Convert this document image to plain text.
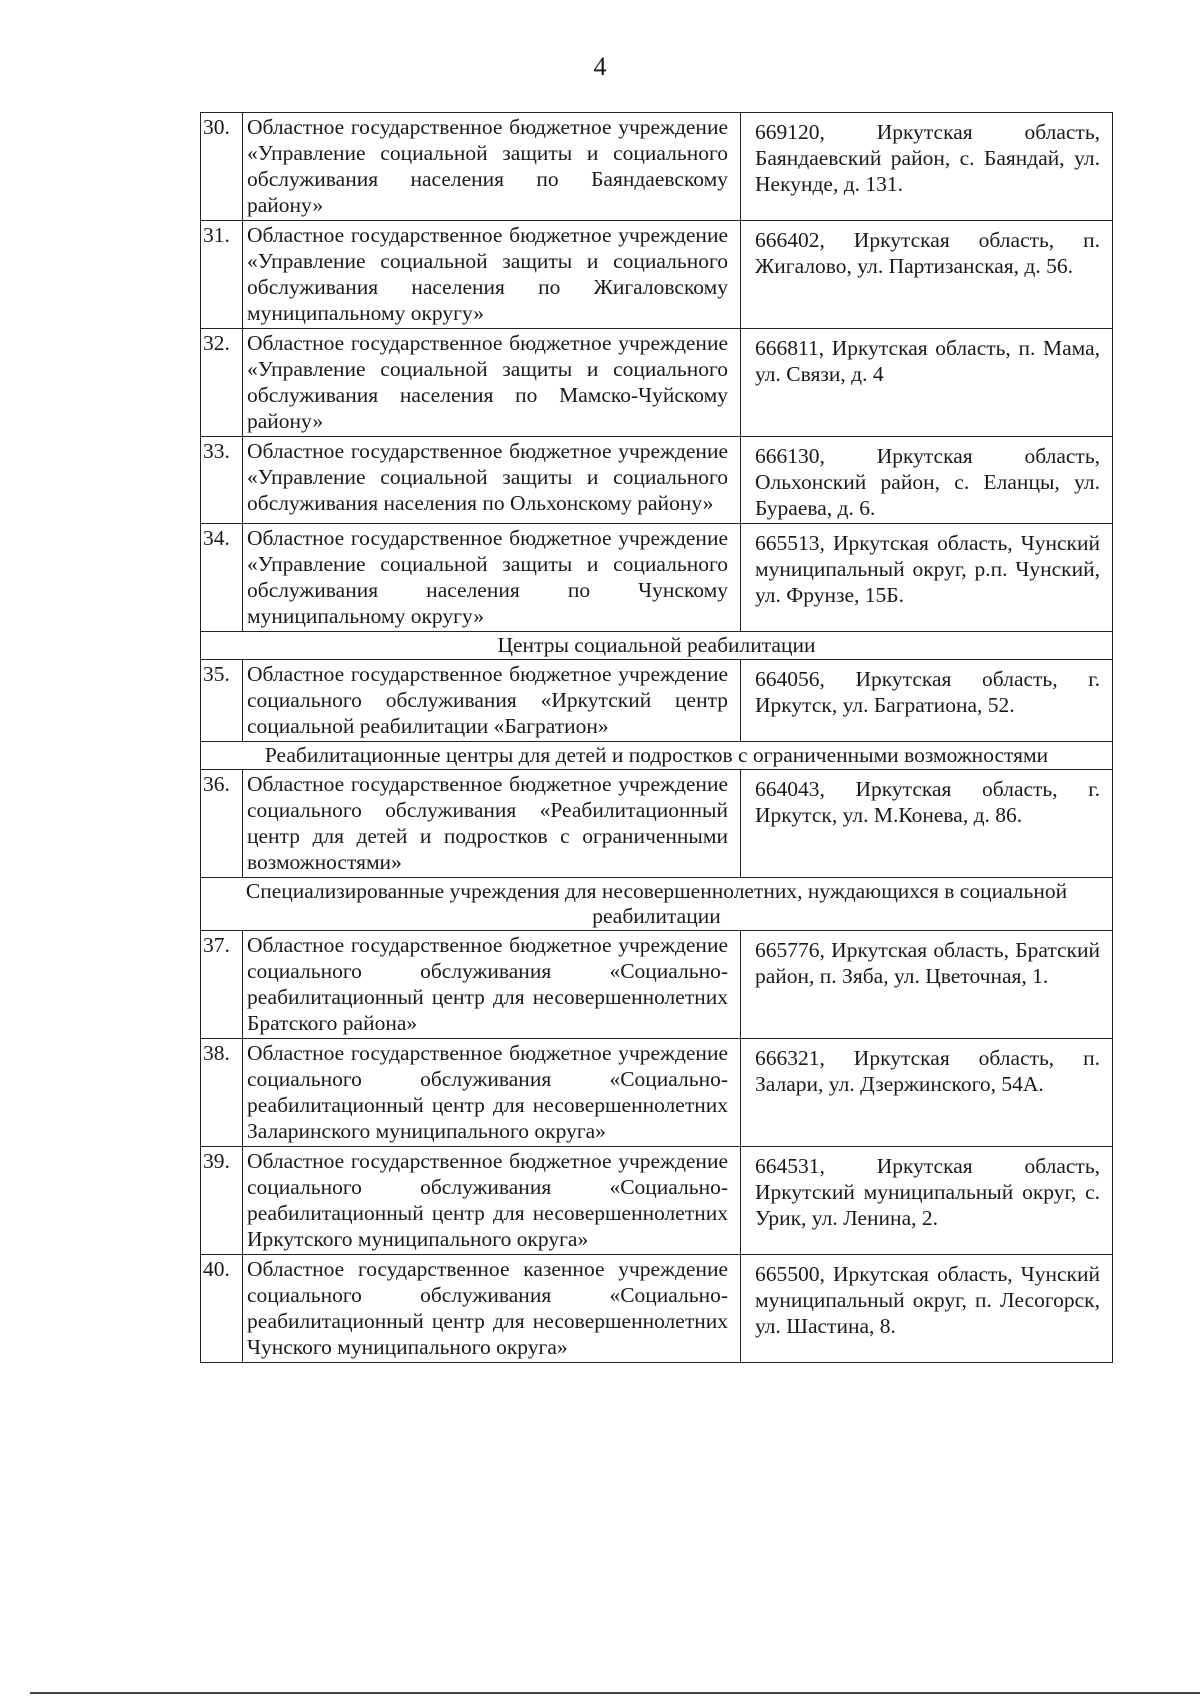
4
30.	Областное государственное бюджетное учреждение «Управление социальной защиты и социального обслуживания населения по Баяндаевскому району»	669120, Иркутская область, Баяндаевский район, с. Баяндай, ул. Некунде, д. 131.
31.	Областное государственное бюджетное учреждение «Управление социальной защиты и социального обслуживания населения по Жигаловскому муниципальному округу»	666402, Иркутская область, п. Жигалово, ул. Партизанская, д. 56.
32.	Областное государственное бюджетное учреждение «Управление социальной защиты и социального обслуживания населения по Мамско-Чуйскому району»	666811, Иркутская область, п. Мама, ул. Связи, д. 4
33.	Областное государственное бюджетное учреждение «Управление социальной защиты и социального обслуживания населения по Ольхонскому району»	666130, Иркутская область, Ольхонский район, с. Еланцы, ул. Бураева, д. 6.
34.	Областное государственное бюджетное учреждение «Управление социальной защиты и социального обслуживания населения по Чунскому муниципальному округу»	665513, Иркутская область, Чунский муниципальный округ, р.п. Чунский, ул. Фрунзе, 15Б.
Центры социальной реабилитации		
35.	Областное государственное бюджетное учреждение социального обслуживания «Иркутский центр социальной реабилитации «Багратион»	664056, Иркутская область, г. Иркутск, ул. Багратиона, 52.
Реабилитационные центры для детей и подростков с ограниченными возможностями		
36.	Областное государственное бюджетное учреждение социального обслуживания «Реабилитационный центр для детей и подростков с ограниченными возможностями»	664043, Иркутская область, г. Иркутск, ул. М.Конева, д. 86.
Специализированные учреждения для несовершеннолетних, нуждающихся в социальной реабилитации		
37.	Областное государственное бюджетное учреждение социального обслуживания «Социально-реабилитационный центр для несовершеннолетних Братского района»	665776, Иркутская область, Братский район, п. Зяба, ул. Цветочная, 1.
38.	Областное государственное бюджетное учреждение социального обслуживания «Социально-реабилитационный центр для несовершеннолетних Заларинского муниципального округа»	666321, Иркутская область, п. Залари, ул. Дзержинского, 54А.
39.	Областное государственное бюджетное учреждение социального обслуживания «Социально-реабилитационный центр для несовершеннолетних Иркутского муниципального округа»	664531, Иркутская область, Иркутский муниципальный округ, с. Урик, ул. Ленина, 2.
40.	Областное государственное казенное учреждение социального обслуживания «Социально-реабилитационный центр для несовершеннолетних Чунского муниципального округа»	665500, Иркутская область, Чунский муниципальный округ, п. Лесогорск, ул. Шастина, 8.
